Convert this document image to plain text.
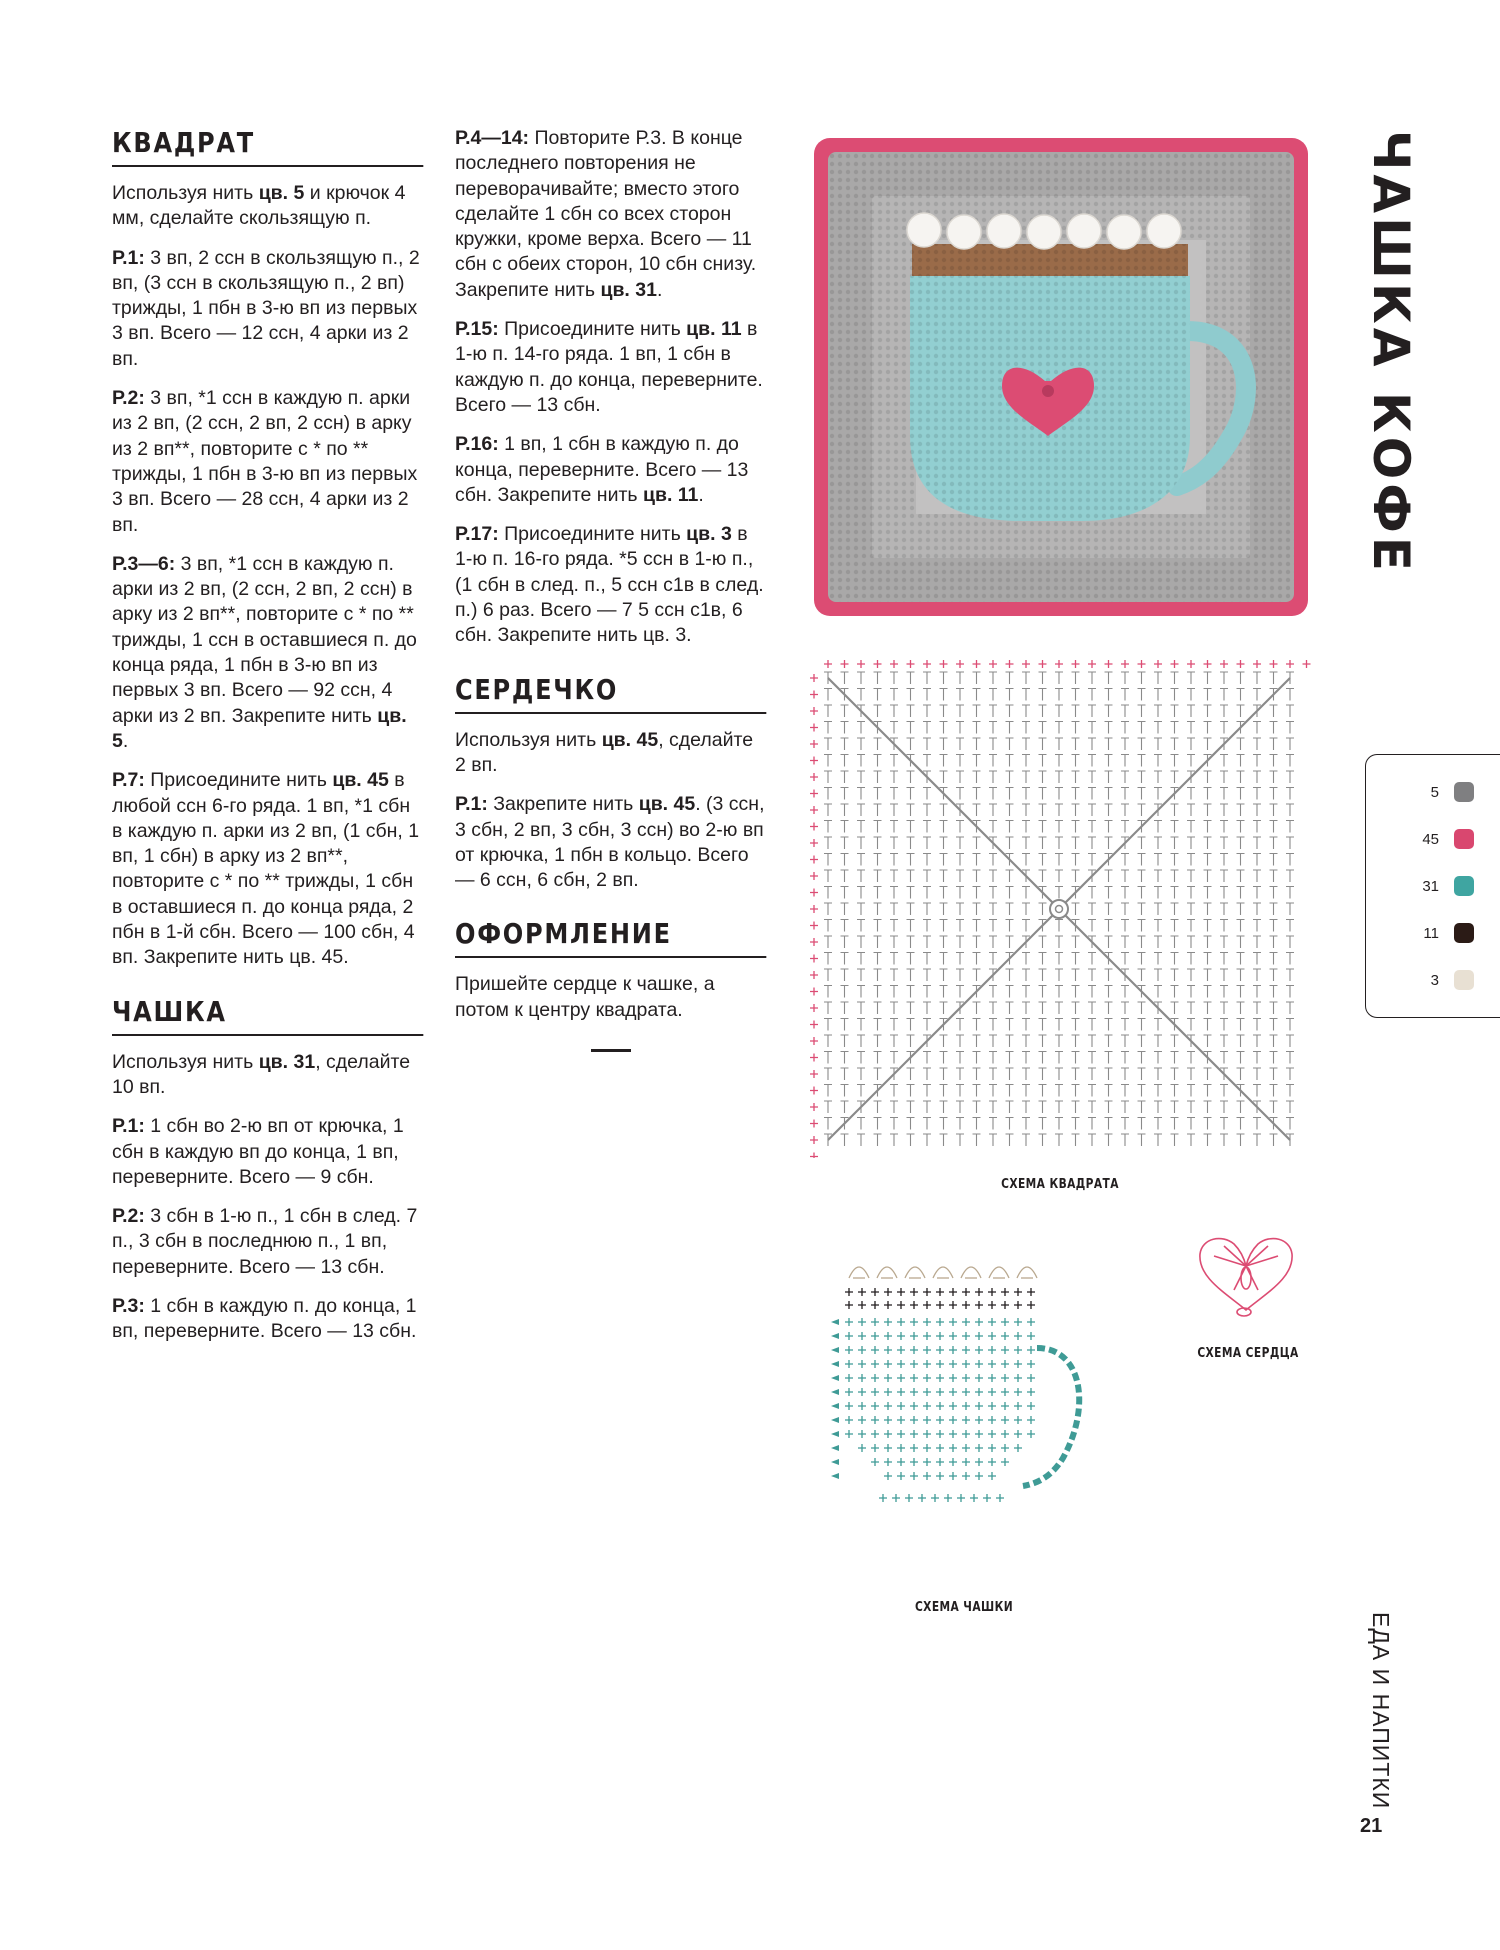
КВАДРАТ
Используя нить цв. 5 и крючок 4 мм, сделайте скользящую п.
Р.1: 3 вп, 2 ссн в скользящую п., 2 вп, (3 ссн в скользящую п., 2 вп) трижды, 1 пбн в 3-ю вп из первых 3 вп. Всего — 12 ссн, 4 арки из 2 вп.
Р.2: 3 вп, *1 ссн в каждую п. арки из 2 вп, (2 ссн, 2 вп, 2 ссн) в арку из 2 вп**, повторите с * по ** трижды, 1 пбн в 3-ю вп из первых 3 вп. Всего — 28 ссн, 4 арки из 2 вп.
Р.3—6: 3 вп, *1 ссн в каждую п. арки из 2 вп, (2 ссн, 2 вп, 2 ссн) в арку из 2 вп**, повторите с * по ** трижды, 1 ссн в оставшиеся п. до конца ряда, 1 пбн в 3-ю вп из первых 3 вп. Всего — 92 ссн, 4 арки из 2 вп. Закрепите нить цв. 5.
Р.7: Присоедините нить цв. 45 в любой ссн 6-го ряда. 1 вп, *1 сбн в каждую п. арки из 2 вп, (1 сбн, 1 вп, 1 сбн) в арку из 2 вп**, повторите с * по ** трижды, 1 сбн в оставшиеся п. до конца ряда, 2 пбн в 1-й сбн. Всего — 100 сбн, 4 вп. Закрепите нить цв. 45.
ЧАШКА
Используя нить цв. 31, сделайте 10 вп.
Р.1: 1 сбн во 2-ю вп от крючка, 1 сбн в каждую вп до конца, 1 вп, переверните. Всего — 9 сбн.
Р.2: 3 сбн в 1-ю п., 1 сбн в след. 7 п., 3 сбн в последнюю п., 1 вп, переверните. Всего — 13 сбн.
Р.3: 1 сбн в каждую п. до конца, 1 вп, переверните. Всего — 13 сбн.
Р.4—14: Повторите Р.3. В конце последнего повторения не переворачивайте; вместо этого сделайте 1 сбн со всех сторон кружки, кроме верха. Всего — 11 сбн с обеих сторон, 10 сбн снизу. Закрепите нить цв. 31.
Р.15: Присоедините нить цв. 11 в 1-ю п. 14-го ряда. 1 вп, 1 сбн в каждую п. до конца, переверните. Всего — 13 сбн.
Р.16: 1 вп, 1 сбн в каждую п. до конца, переверните. Всего — 13 сбн. Закрепите нить цв. 11.
Р.17: Присоедините нить цв. 3 в 1-ю п. 16-го ряда. *5 ссн в 1-ю п., (1 сбн в след. п., 5 ссн с1в в след. п.) 6 раз. Всего — 7 5 ссн с1в, 6 сбн. Закрепите нить цв. 3.
СЕРДЕЧКО
Используя нить цв. 45, сделайте 2 вп.
Р.1: Закрепите нить цв. 45. (3 ссн, 3 сбн, 2 вп, 3 сбн, 3 ссн) во 2-ю вп от крючка, 1 пбн в кольцо. Всего — 6 ссн, 6 сбн, 2 вп.
ОФОРМЛЕНИЕ
Пришейте сердце к чашке, а потом к центру квадрата.
ЧАШКА КОФЕ
5
45
31
11
3
СХЕМА КВАДРАТА
СХЕМА СЕРДЦА
СХЕМА ЧАШКИ
ЕДА И НАПИТКИ
21
